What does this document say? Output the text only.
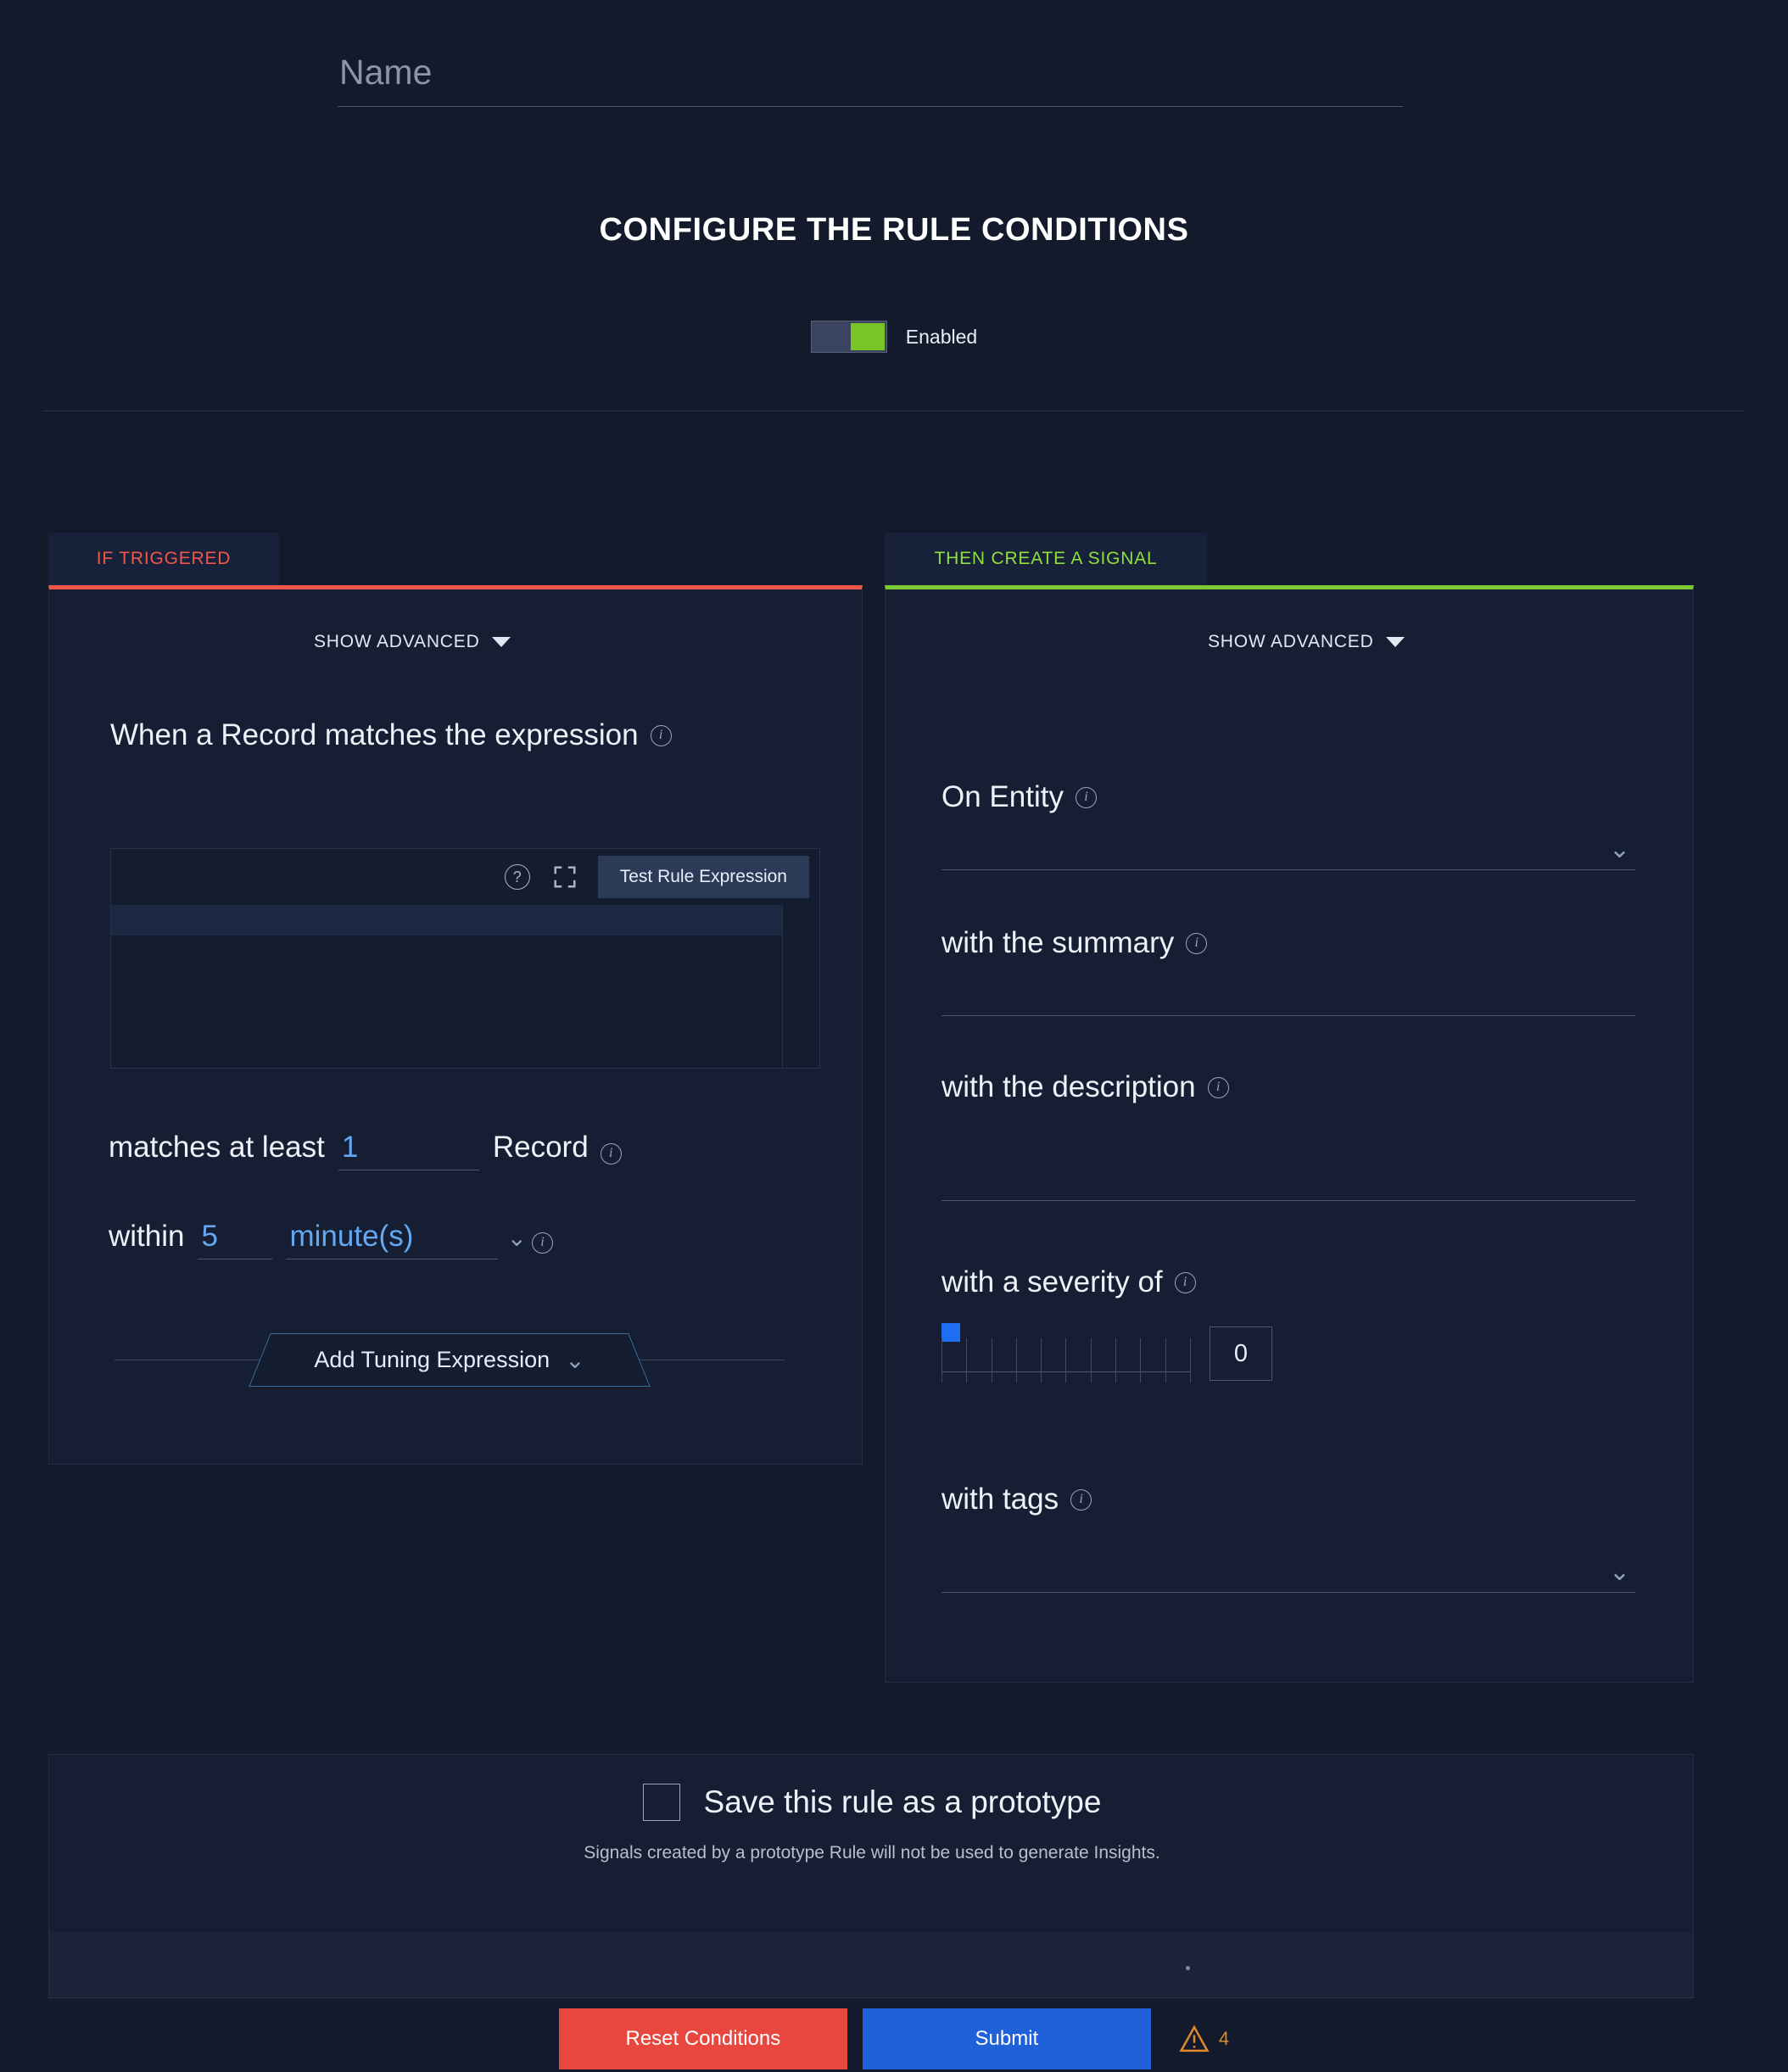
Name
CONFIGURE THE RULE CONDITIONS
Enabled
IF TRIGGERED
SHOW ADVANCED
When a Record matches the expression	i
?	Test Rule Expression
matches at least
1	Record	i
within
5
minute(s)	⌄	i
Add Tuning Expression ⌄
THEN CREATE A SIGNAL
SHOW ADVANCED
On Entity	i
⌄
with the summary	i
with the description	i
with a severity of	i
0
with tags	i
⌄
Save this rule as a prototype
Signals created by a prototype Rule will not be used to generate Insights.
Reset Conditions	Submit	4
